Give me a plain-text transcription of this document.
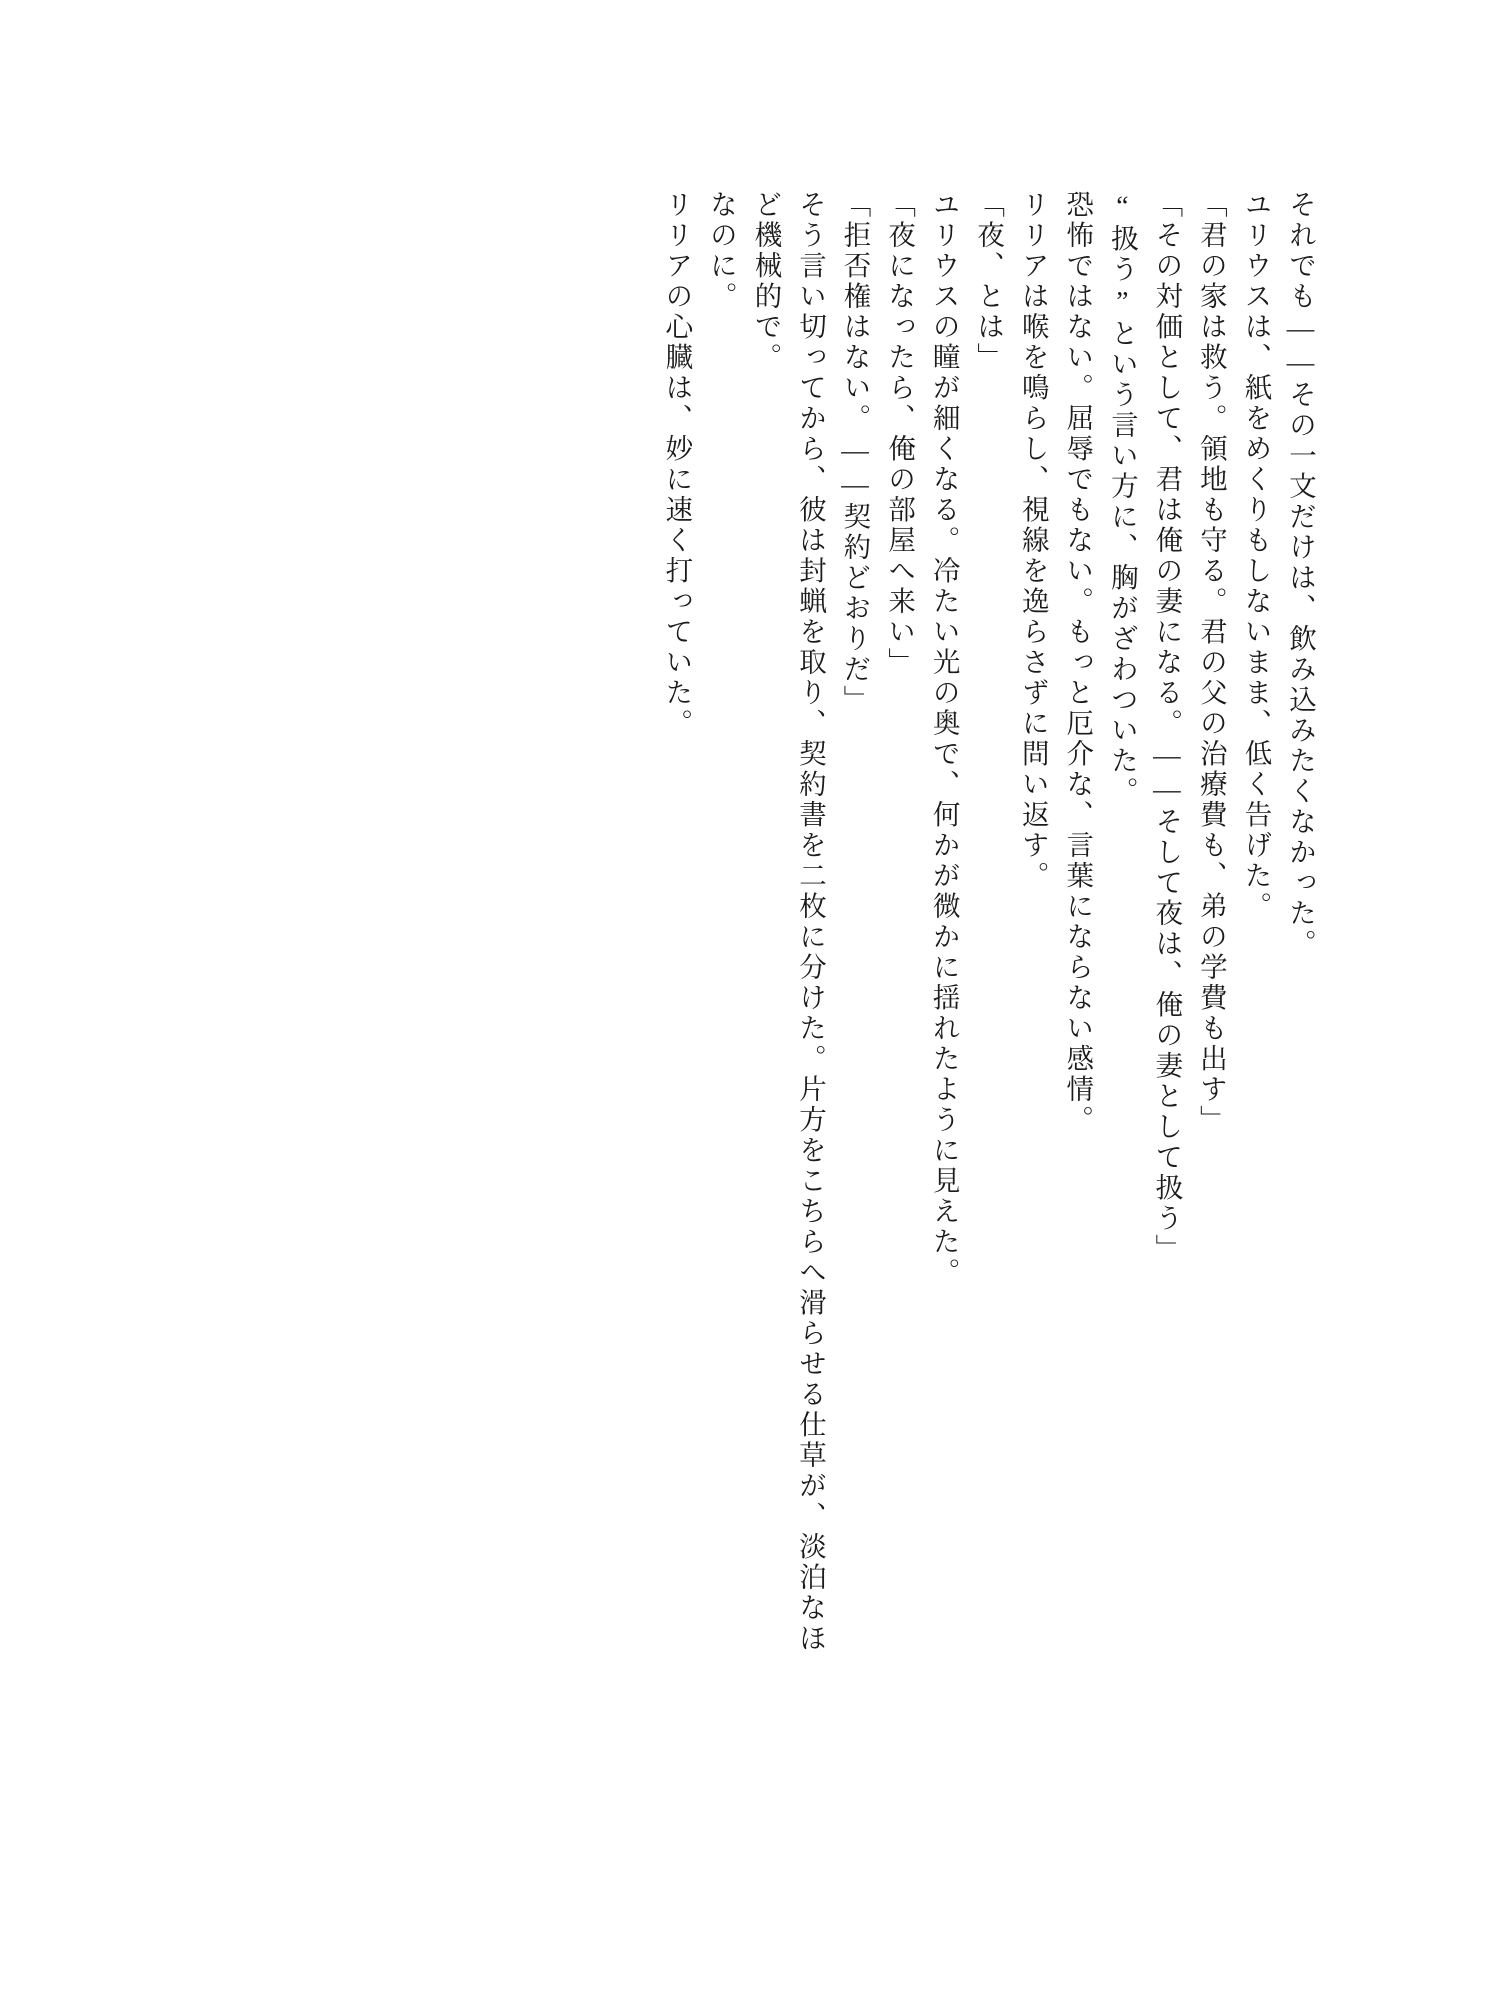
それでも――その一文だけは、飲み込みたくなかった。

ユリウスは、紙をめくりもしないまま、低く告げた。

「君の家は救う。領地も守る。君の父の治療費も、弟の学費も出す」

「その対価として、君は俺の妻になる。――そして夜は、俺の妻として扱う」

“扱う”という言い方に、胸がざわついた。

恐怖ではない。屈辱でもない。もっと厄介な、言葉にならない感情。

リリアは喉を鳴らし、視線を逸らさずに問い返す。

「夜、とは」

ユリウスの瞳が細くなる。冷たい光の奥で、何かが微かに揺れたように見えた。

「夜になったら、俺の部屋へ来い」

「拒否権はない。――契約どおりだ」

そう言い切ってから、彼は封蝋を取り、契約書を二枚に分けた。片方をこちらへ滑らせる仕草が、淡泊なほど機械的で。

なのに。

リリアの心臓は、妙に速く打っていた。
